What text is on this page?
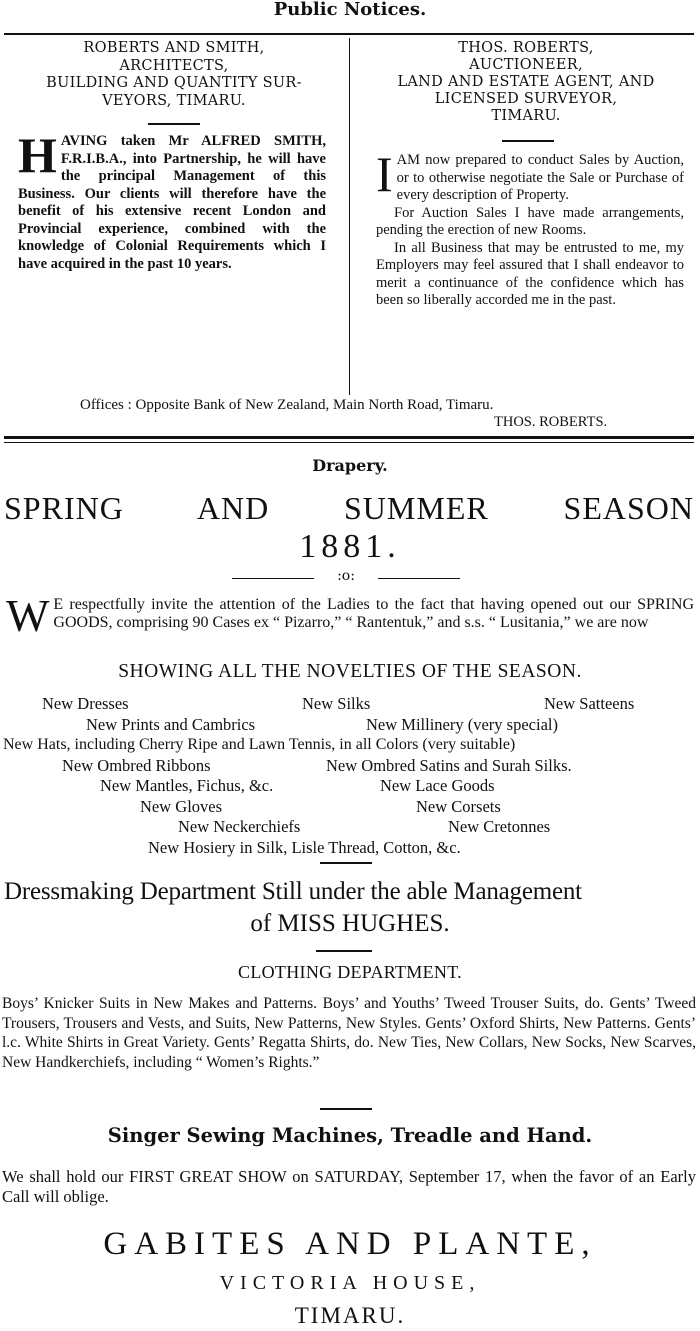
Public Notices.
ROBERTS AND SMITH,
ARCHITECTS,
BUILDING AND QUANTITY SUR-
VEYORS, TIMARU.
H AVING taken Mr ALFRED SMITH, F.R.I.B.A., into Partnership, he will have the principal Management of this Business. Our clients will therefore have the benefit of his extensive recent London and Provincial experience, combined with the knowledge of Colonial Requirements which I have acquired in the past 10 years.
THOS. ROBERTS,
AUCTIONEER,
LAND AND ESTATE AGENT, AND
LICENSED SURVEYOR,
TIMARU.
I AM now prepared to conduct Sales by Auction, or to otherwise negotiate the Sale or Purchase of every description of Property.
For Auction Sales I have made arrangements, pending the erection of new Rooms.
In all Business that may be entrusted to me, my Employers may feel assured that I shall endeavor to merit a continuance of the confidence which has been so liberally accorded me in the past.
Offices : Opposite Bank of New Zealand, Main North Road, Timaru.
THOS. ROBERTS.
Drapery.
SPRING AND SUMMER SEASON
1881.
:o:
W E respectfully invite the attention of the Ladies to the fact that having opened out our SPRING GOODS, comprising 90 Cases ex “ Pizarro,” “ Rantentuk,” and s.s. “ Lusitania,” we are now
SHOWING ALL THE NOVELTIES OF THE SEASON.
New Dresses	New Silks	New Satteens
New Prints and Cambrics	New Millinery (very special)
New Hats, including Cherry Ripe and Lawn Tennis, in all Colors (very suitable)
New Ombred Ribbons	New Ombred Satins and Surah Silks.
New Mantles, Fichus, &c.	New Lace Goods
New Gloves	New Corsets
New Neckerchiefs	New Cretonnes
New Hosiery in Silk, Lisle Thread, Cotton, &c.
Dressmaking Department Still under the able Management
of MISS HUGHES.
CLOTHING DEPARTMENT.
Boys’ Knicker Suits in New Makes and Patterns. Boys’ and Youths’ Tweed Trouser Suits, do. Gents’ Tweed Trousers, Trousers and Vests, and Suits, New Patterns, New Styles. Gents’ Oxford Shirts, New Patterns. Gents’ l.c. White Shirts in Great Variety. Gents’ Regatta Shirts, do. New Ties, New Collars, New Socks, New Scarves, New Handkerchiefs, including “ Women’s Rights.”
Singer Sewing Machines, Treadle and Hand.
We shall hold our FIRST GREAT SHOW on SATURDAY, September 17, when the favor of an Early Call will oblige.
GABITES AND PLANTE,
VICTORIA HOUSE,
TIMARU.
